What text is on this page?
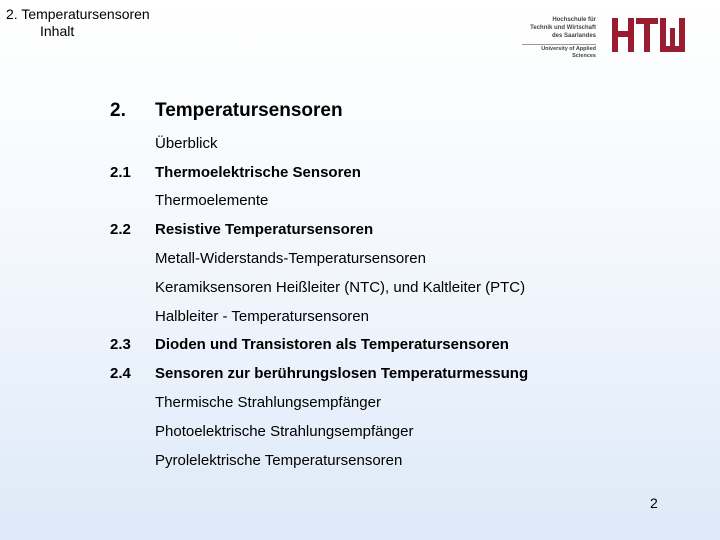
2. Temperatursensoren
Inhalt
Hochschule für
Technik und Wirtschaft
des Saarlandes
University of Applied Sciences
2. Temperatursensoren
Überblick
2.1 Thermoelektrische Sensoren
Thermoelemente
2.2 Resistive Temperatursensoren
Metall-Widerstands-Temperatursensoren
Keramiksensoren Heißleiter (NTC), und Kaltleiter (PTC)
Halbleiter - Temperatursensoren
2.3 Dioden und Transistoren als Temperatursensoren
2.4 Sensoren zur berührungslosen Temperaturmessung
Thermische Strahlungsempfänger
Photoelektrische Strahlungsempfänger
Pyrolelektrische Temperatursensoren
2
